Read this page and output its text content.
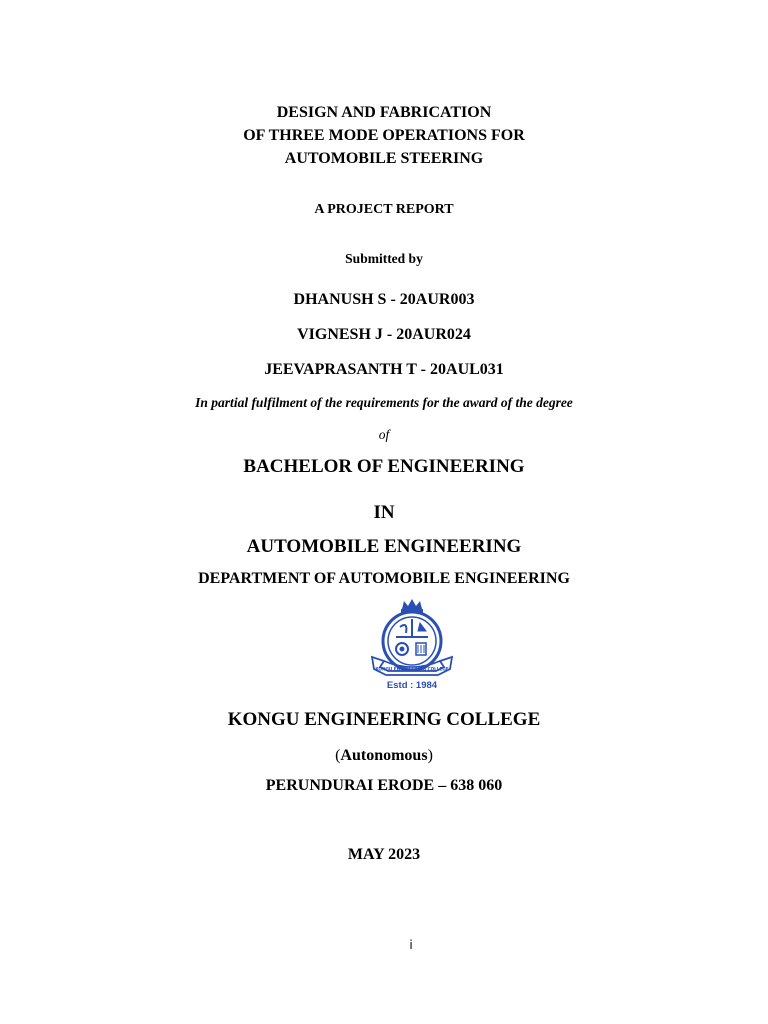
DESIGN AND FABRICATION
OF THREE MODE OPERATIONS FOR
AUTOMOBILE STEERING
A PROJECT REPORT
Submitted by
DHANUSH S - 20AUR003
VIGNESH J - 20AUR024
JEEVAPRASANTH T - 20AUL031
In partial fulfilment of the requirements for the award of the degree
of
BACHELOR OF ENGINEERING
IN
AUTOMOBILE ENGINEERING
DEPARTMENT OF AUTOMOBILE ENGINEERING
KONGU ENGINEERING COLLEGE
Estd : 1984
KONGU ENGINEERING COLLEGE
(Autonomous)
PERUNDURAI ERODE – 638 060
MAY 2023
i
